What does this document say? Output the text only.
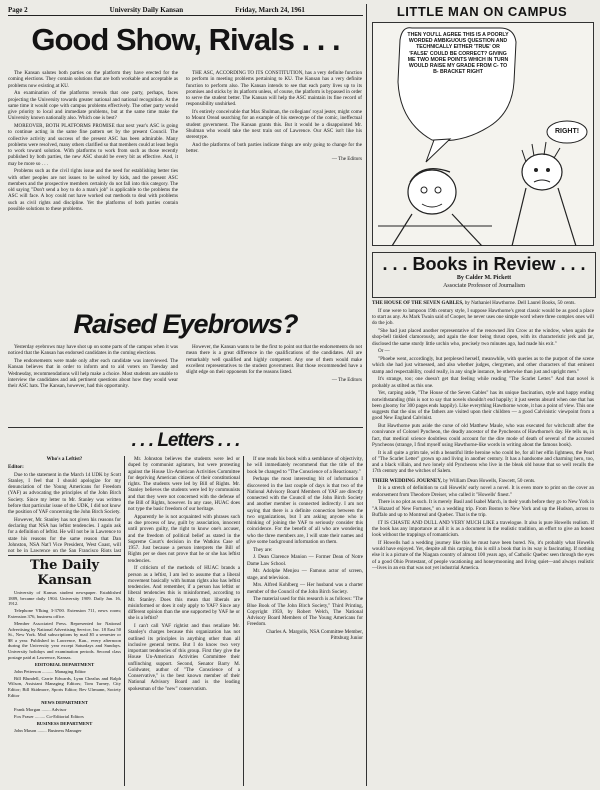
Page 2	University Daily Kansan	Friday, March 24, 1961
Good Show, Rivals . . .

The Kansan salutes both parties on the platform they have erected for the coming elections. They contain solutions that are both workable and acceptable as problems now existing at KU.

An examination of the platforms reveals that one party, perhaps, faces projecting the University towards greater national and national recognition. At the same time it would cope with campus problems effectively. The other party would give priority to local and immediate problems, but at the same time make the University known nationally also. Which one is best?

MOREOVER, BOTH PLATFORMS PROMISE that next year's ASC is going to continue acting in the same fine pattern set by the present Council. The collective activity and success of the present ASC has been admirable. Many problems were resolved, many others clarified so that members could at least begin to work toward solution. With platforms to work from such as those recently published by both parties, the new ASC should be every bit as effective. And, it may be more so . . .

Problems such as the civil rights issue and the need for establishing better ties with other peoples are not issues to be solved by kids, and the present ASC members and the prospective members certainly do not fall into this category. The old saying "Don't send a boy to do a man's job" is applicable to the problems the ASC will face. A boy could not have worked out methods to deal with problems such as civil rights and discipline. Yet the platforms of both parties contain possible solutions to these problems.

THE ASC, ACCORDING TO ITS CONSTITUTION, has a very definite function to perform in meeting problems pertaining to KU. The Kansan has a very definite function to perform also. The Kansan intends to see that each party lives up to its promises and sticks by its platform unless, of course, the platform is bypassed in order to serve the student better. The Kansan will help the ASC maintain its fine record of responsibility unshirked.

It's entirely conceivable that Max Shulman, the collegians' royal jester, might come to Mount Oread searching for an example of his stereotype of the comic, ineffectual student government. The Kansan grants this. But it would be a disappointed Mr. Shulman who would take the next train out of Lawrence. Our ASC isn't like his stereotype.

And the platforms of both parties indicate things are only going to change for the better.

— The Editors

Raised Eyebrows?

Yesterday eyebrows may have shot up on some parts of the campus when it was noticed that the Kansan has endorsed candidates in the coming elections.

The endorsements were made only after each candidate was interviewed. The Kansan believes that in order to inform and to aid voters on Tuesday and Wednesday, recommendations will help make a choice. Most students are unable to interview the candidates and ask pertinent questions about how they would wear their ASC hats. The Kansan, however, had this opportunity.

However, the Kansan wants to be the first to point out that the endorsements do not mean there is a great difference in the qualifications of the candidates. All are remarkably well qualified and highly competent. Any one of them would make excellent representatives to the student government. But those recommended have a slight edge on their opponents for the reasons listed.

— The Editors

. . . Letters . . .

Who's a Leftist?

Editor:

Due to the statement in the March 14 UDK by Scott Stanley, I feel that I should apologize for my denunciation of the Young Americans for Freedom (YAF) as advocating the principles of the John Birch Society. Since my letter to Mr. Stanley was written before that particular issue of the UDK, I did not know the position of YAF concerning the John Birch Society.

However, Mr. Stanley has not given his reasons for declaring that NSA has leftist tendencies. I again ask for a definition of leftist. He will not be in Lawrence to state his reasons for the same reason that Dan Johnston, NSA Nat'l Vice President, West Coast, will not be in Lawrence on the San Francisco Riots last

The Daily Kansan

University of Kansas student newspaper. Established 1889, became daily 1904. University 1909. Daily Jan. 16, 1912.

Telephone VIking 3-3700. Extension 711, news room; Extension 376, business office.

Member Associated Press. Represented for National Advertising by National Advertising Service, Inc. 18 East 50 St., New York. Mail subscriptions by mail $5 a semester or $8 a year. Published in Lawrence, Kan., every afternoon during the University year except Saturdays and Sundays. University holidays and examination periods. Second class postage paid at Lawrence, Kansas.

EDITORIAL DEPARTMENT

John Petterson .......... Managing Editor

Bill Blundell, Carrie Edwards, Lynn Chealus and Ralph Wilson, Assistant Managing Editors; Tom Turney, City Editor; Bill Skidmore, Sports Editor; Bev Ulrmann, Society Editor

NEWS DEPARTMENT

Frank Morgan ........ Advisor

Fox Fraser ......... Co-Editorial Editors

BUSINESS DEPARTMENT

John Mason ........ Business Manager

Mr. Johnston believes the students were led or duped by communist agitators, but were protesting against the House Un-American Activities Committee for depriving American citizens of their constitutional rights. The students were led by Bill of Rights. Mr. Stanley believes the students were led by communists and that they were not concerned with the defense of the Bill of Rights, however. In any case, HUAC does not type the basic freedom of our heritage.

Apparently he is not acquainted with phrases such as due process of law, guilt by association, innocent until proven guilty, the right to know one's accuser, and the freedom of political belief as stated in the Supreme Court's decision in the Watkins Case of 1957. Just because a person interprets the Bill of Rights per se does not prove that he or she has leftist tendencies.

If criticism of the methods of HUAC brands a person as a leftist, I am led to assume that a liberal movement basically with human rights also has leftist tendencies. And remember, if a person has leftist or liberal tendencies this is misinformed, according to Mr. Stanley. Does this mean that liberals are misinformed or does it only apply to YAF? Since any different opinion than the one supported by YAF he or she is a leftist?

I can't call YAF rightist and thus retaliate Mr. Stanley's charges because this organization has not outlined its principles in anything other than all inclusive general terms. But I do know two very important tendencies of this group. First they give the House Un-American Activities Committee their unflinching support. Second, Senator Barry M. Goldwater, author of "The Conscience of a Conservative," is the best known member of their National Advisory Board and is the leading spokesman of the "new" conservatism.

If one reads his book with a semblance of objectivity, he will immediately recommend that the title of the book be changed to "The Conscience of a Reactionary."

Perhaps the most interesting bit of information I discovered in the last couple of days is that two of the National Advisory Board Members of YAF are directly connected with the Council of the John Birch Society and another member is connected indirectly. I am not saying that there is a definite connection between the two organizations, but I am asking anyone who is thinking of joining the YAF to seriously consider this coincidence. For the benefit of all who are wondering who the three members are, I will state their names and give some background information on them.

They are:

J. Dean Clarence Manion — Former Dean of Notre Dame Law School.

Mr. Adolphe Menjou — Famous actor of screen, stage, and television.

Mrs. Alfred Kohlberg — Her husband was a charter member of the Council of the John Birch Society.

The material used for this research is as follows: "The Blue Book of The John Birch Society," Third Printing, Copyright 1959, by Robert Welch, The National Advisory Board Members of The Young Americans for Freedom.

Charles A. Margolis, NSA Committee Member, Pittsburg Junior

LITTLE MAN ON CAMPUS
THEN YOU'LL AGREE THIS IS A POORLY WORDED AMBIGUOUS QUESTION AND TECHNICALLY EITHER 'TRUE' OR 'FALSE' COULD BE CORRECT? GIVING ME TWO MORE POINTS WHICH IN TURN WOULD RAISE MY GRADE FROM C- TO B- BRACKET RIGHT
RIGHT!
. . . Books in Review . . .
By Calder M. Pickett
Associate Professor of Journalism

THE HOUSE OF THE SEVEN GABLES, by Nathaniel Hawthorne. Dell Laurel Books, 50 cents.

If one were to lampoon 19th century style, I suppose Hawthorne's great classic would be as good a place to start as any. As Mark Twain said of Cooper, he never uses one simple word where three complex ones will do the job.

"She had just placed another representative of the renowned Jim Crow at the window, when again the shop-bell tinkled clamorously, and again the door being thrust open, with its characteristic jerk and jar, disclosed the same sturdy little urchin who, precisely two minutes ago, had made his exit."

Or —

"Phoebe went, accordingly, but perplexed herself, meanwhile, with queries as to the purport of the scene which she had just witnessed, and also whether judges, clergymen, and other characters of that eminent stamp and respectability, could really, in any single instance, be otherwise than just and upright men."

It's strange, too; one doesn't get that feeling while reading "The Scarlet Letter." And that novel is probably as stilted as this one.

Yet, carping aside, "The House of the Seven Gables" has its unique fascination, style and happy ending notwithstanding (this is not to say that novels shouldn't end happily; it just seems absurd when one that has been gloomy for 300 pages ends happily). Like everything Hawthorne wrote, it has a point of view. This one suggests that the sins of the fathers are visited upon their children — a good Calvinistic viewpoint from a good New England Calvinist.

But Hawthorne puts aside the curse of old Matthew Maule, who was executed for witchcraft after the connivance of Colonel Pyncheon, the deadly ancestor of the Pyncheons of Hawthorne's day. He tells us, in fact, that medical science doubtless could account for the dire mode of death of several of the accursed Pyncheons (strange, I find myself using Hawthorne-like words in writing about the famous book).

It is all quite a grim tale, with a beautiful little heroine who could be, for all her elfin lightness, the Pearl of "The Scarlet Letter" grown up and living in another century. It has a handsome and charming hero, too, and a black villain, and two lonely old Pyncheons who live in the bleak old house that so well recalls the 17th century and the witches of Salem.

THEIR WEDDING JOURNEY, by William Dean Howells, Fawcett, 50 cents.

It is a stretch of definition to call Howells' early novel a novel. It is even more to print on the cover an endorsement from Theodore Dreiser, who called it "Howells' finest."

There is no plot as such. It is merely Basil and Isabel March, in their youth before they go to New York in "A Hazard of New Fortunes," on a wedding trip. From Boston to New York and up the Hudson, across to Buffalo and up to Montreal and Quebec. That is the trip.

IT IS CHASTE AND DULL AND VERY MUCH LIKE a travelogue. It also is pure Howells realism. If the book has any importance at all it is as a document in the realistic tradition, an effort to give an honest look without the trappings of romanticism.

If Howells had a wedding journey like this he must have been bored. No, it's probably what Howells would have enjoyed. Yet, despite all this carping, this is still a book that in its way is fascinating. If nothing else it is a picture of the Niagara country of almost 100 years ago, of Catholic Quebec seen through the eyes of a good Ohio Protestant, of people vacationing and honeymooning and living quiet—and always realistic—lives in an era that was not yet industrial America.
